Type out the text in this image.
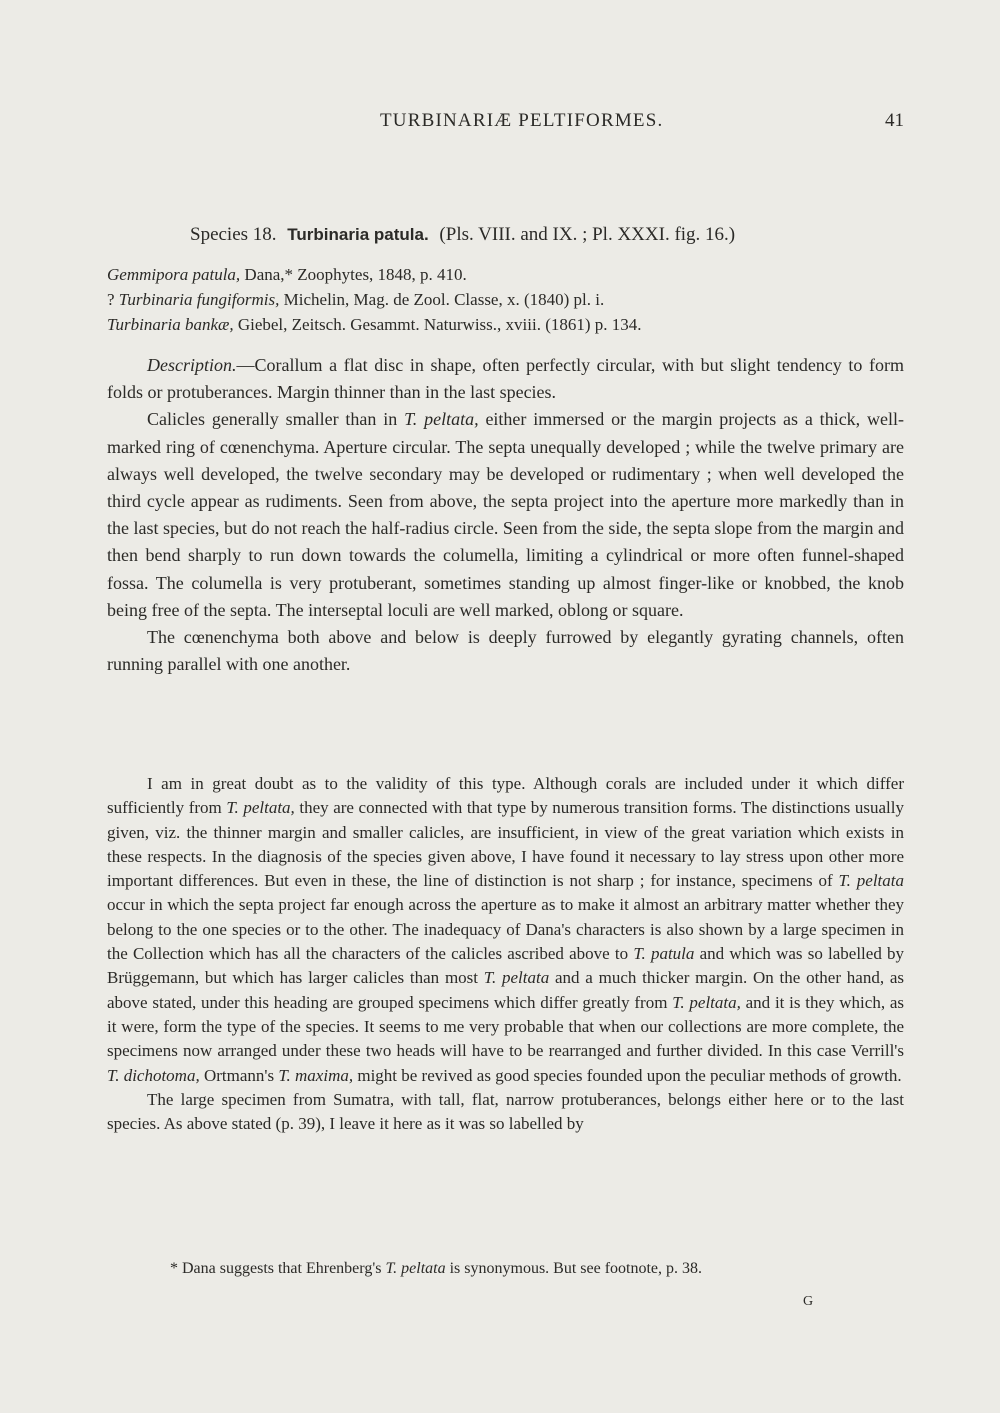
TURBINARIÆ PELTIFORMES.	41
Species 18. Turbinaria patula. (Pls. VIII. and IX. ; Pl. XXXI. fig. 16.)
Gemmipora patula, Dana,* Zoophytes, 1848, p. 410.
? Turbinaria fungiformis, Michelin, Mag. de Zool. Classe, x. (1840) pl. i.
Turbinaria bankæ, Giebel, Zeitsch. Gesammt. Naturwiss., xviii. (1861) p. 134.

Description.—Corallum a flat disc in shape, often perfectly circular, with but slight tendency to form folds or protuberances. Margin thinner than in the last species.

Calicles generally smaller than in T. peltata, either immersed or the margin projects as a thick, well-marked ring of cœnenchyma. Aperture circular. The septa unequally developed ; while the twelve primary are always well developed, the twelve secondary may be developed or rudimentary ; when well developed the third cycle appear as rudiments. Seen from above, the septa project into the aperture more markedly than in the last species, but do not reach the half-radius circle. Seen from the side, the septa slope from the margin and then bend sharply to run down towards the columella, limiting a cylindrical or more often funnel-shaped fossa. The columella is very protuberant, sometimes standing up almost finger-like or knobbed, the knob being free of the septa. The interseptal loculi are well marked, oblong or square.

The cœnenchyma both above and below is deeply furrowed by elegantly gyrating channels, often running parallel with one another.

I am in great doubt as to the validity of this type. Although corals are included under it which differ sufficiently from T. peltata, they are connected with that type by numerous transition forms. The distinctions usually given, viz. the thinner margin and smaller calicles, are insufficient, in view of the great variation which exists in these respects. In the diagnosis of the species given above, I have found it necessary to lay stress upon other more important differences. But even in these, the line of distinction is not sharp ; for instance, specimens of T. peltata occur in which the septa project far enough across the aperture as to make it almost an arbitrary matter whether they belong to the one species or to the other. The inadequacy of Dana's characters is also shown by a large specimen in the Collection which has all the characters of the calicles ascribed above to T. patula and which was so labelled by Brüggemann, but which has larger calicles than most T. peltata and a much thicker margin. On the other hand, as above stated, under this heading are grouped specimens which differ greatly from T. peltata, and it is they which, as it were, form the type of the species. It seems to me very probable that when our collections are more complete, the specimens now arranged under these two heads will have to be rearranged and further divided. In this case Verrill's T. dichotoma, Ortmann's T. maxima, might be revived as good species founded upon the peculiar methods of growth.

The large specimen from Sumatra, with tall, flat, narrow protuberances, belongs either here or to the last species. As above stated (p. 39), I leave it here as it was so labelled by

* Dana suggests that Ehrenberg's T. peltata is synonymous. But see footnote, p. 38.
G
